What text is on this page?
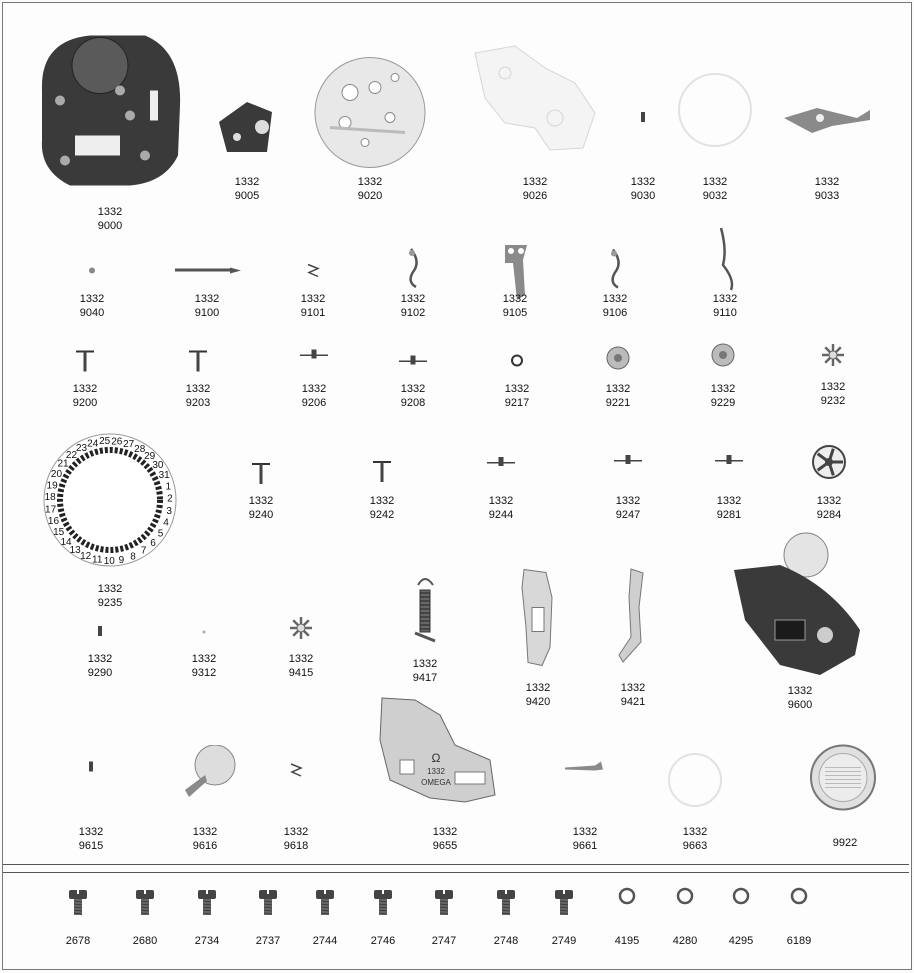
1332
9000
1332
9005
1332
9020
1332
9026
1332
9030
1332
9032
1332
9033
1332
9040
1332
9100
1332
9101
1332
9102
1332
9105
1332
9106
1332
9110
1332
9200
1332
9203
1332
9206
1332
9208
1332
9217
1332
9221
1332
9229
1332
9232
1332
9240
1332
9242
1332
9244
1332
9247
1332
9281
1332
9284
21
22
23 24 25 26 27 28
29
30
31
1
2
3
4
5
6
7
8
9
10
11
12
13
14
15
16
17
18
19
20
1332
9235
1332
9290
1332
9312
1332
9415
1332
9417
1332
9420
1332
9421
1332
9600
1332
9615
1332
9616
1332
9618
Ω
1332
OMEGA
1332
9655
1332
9661
1332
9663	9922
2678	2680	2734	2737	2744	2746	2747	2748	2749	4195	4280	4295	6189
